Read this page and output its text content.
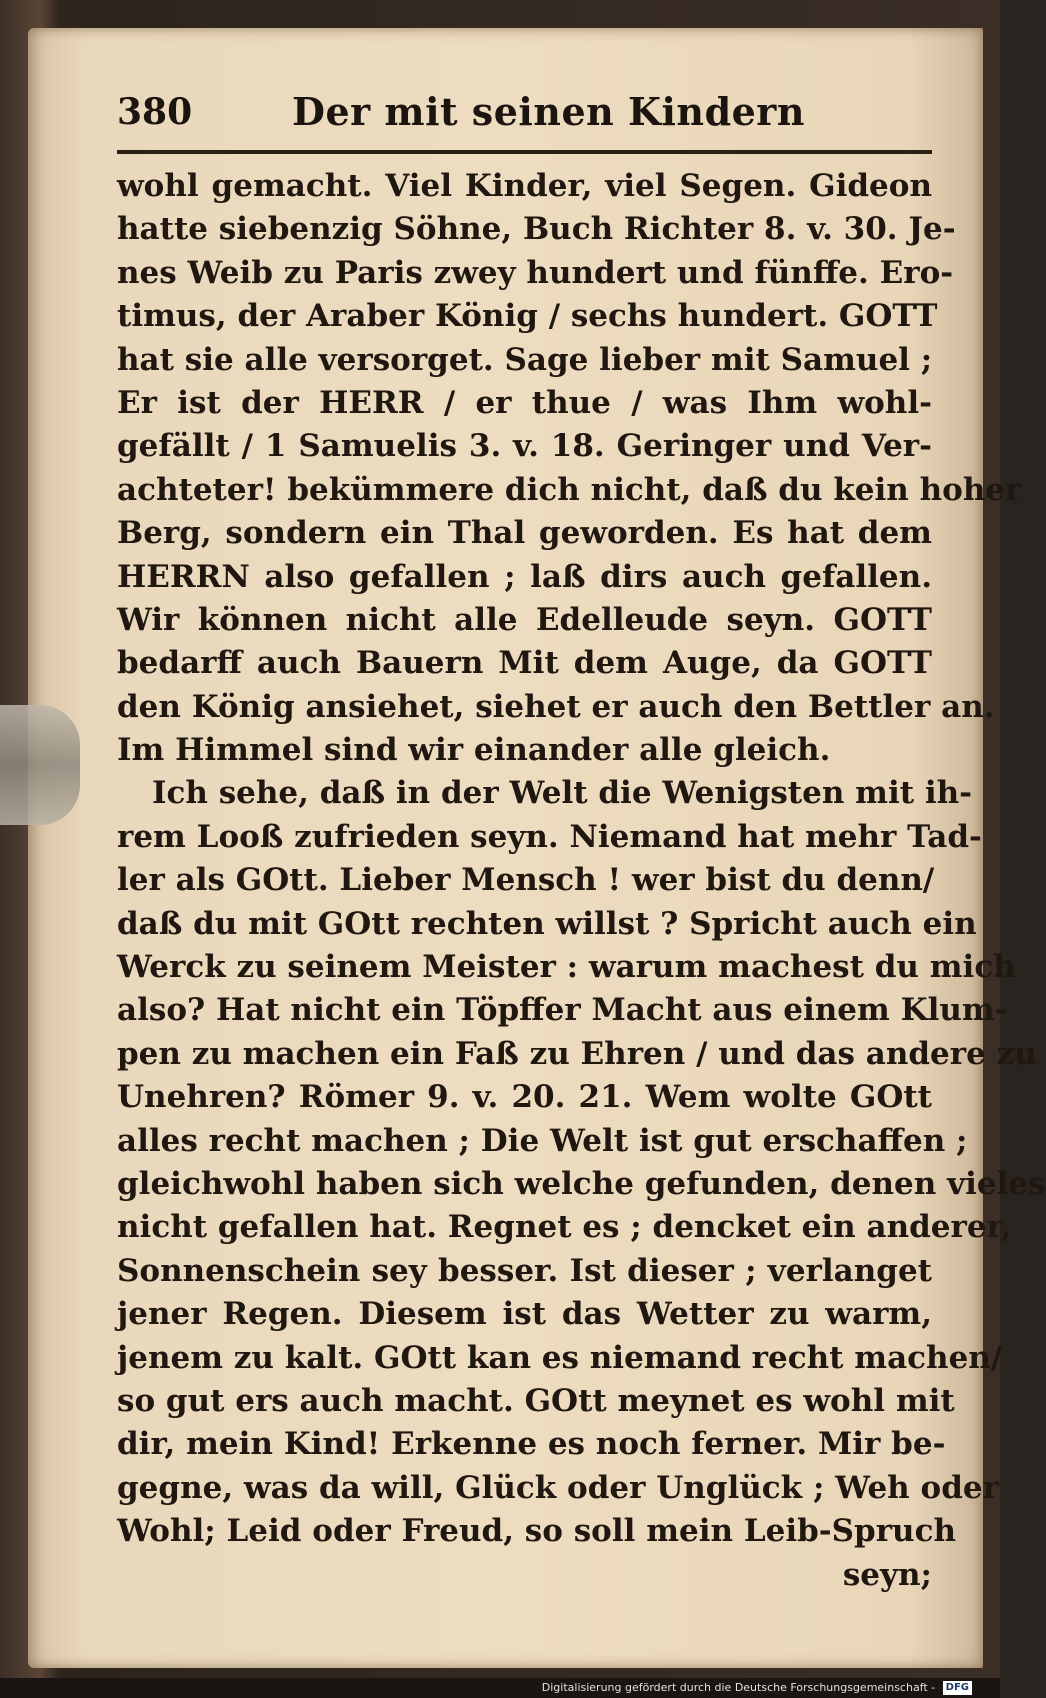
380	Der mit seinen Kindern
wohl gemacht. Viel Kinder, viel Segen. Gideon
hatte siebenzig Söhne, Buch Richter 8. v. 30. Je-
nes Weib zu Paris zwey hundert und fünffe. Ero-
timus, der Araber König / sechs hundert. GOTT
hat sie alle versorget. Sage lieber mit Samuel ;
Er ist der HERR / er thue / was Ihm wohl-
gefällt / 1 Samuelis 3. v. 18. Geringer und Ver-
achteter! bekümmere dich nicht, daß du kein hoher
Berg, sondern ein Thal geworden. Es hat dem
HERRN also gefallen ; laß dirs auch gefallen.
Wir können nicht alle Edelleude seyn. GOTT
bedarff auch Bauern Mit dem Auge, da GOTT
den König ansiehet, siehet er auch den Bettler an.
Im Himmel sind wir einander alle gleich.
Ich sehe, daß in der Welt die Wenigsten mit ih-
rem Looß zufrieden seyn. Niemand hat mehr Tad-
ler als GOtt. Lieber Mensch ! wer bist du denn/
daß du mit GOtt rechten willst ? Spricht auch ein
Werck zu seinem Meister : warum machest du mich
also? Hat nicht ein Töpffer Macht aus einem Klum-
pen zu machen ein Faß zu Ehren / und das andere zu
Unehren? Römer 9. v. 20. 21. Wem wolte GOtt
alles recht machen ; Die Welt ist gut erschaffen ;
gleichwohl haben sich welche gefunden, denen vieles
nicht gefallen hat. Regnet es ; dencket ein anderer,
Sonnenschein sey besser. Ist dieser ; verlanget
jener Regen. Diesem ist das Wetter zu warm,
jenem zu kalt. GOtt kan es niemand recht machen/
so gut ers auch macht. GOtt meynet es wohl mit
dir, mein Kind! Erkenne es noch ferner. Mir be-
gegne, was da will, Glück oder Unglück ; Weh oder
Wohl; Leid oder Freud, so soll mein Leib-Spruch
seyn;
Digitalisierung gefördert durch die Deutsche Forschungsgemeinschaft - DFG
